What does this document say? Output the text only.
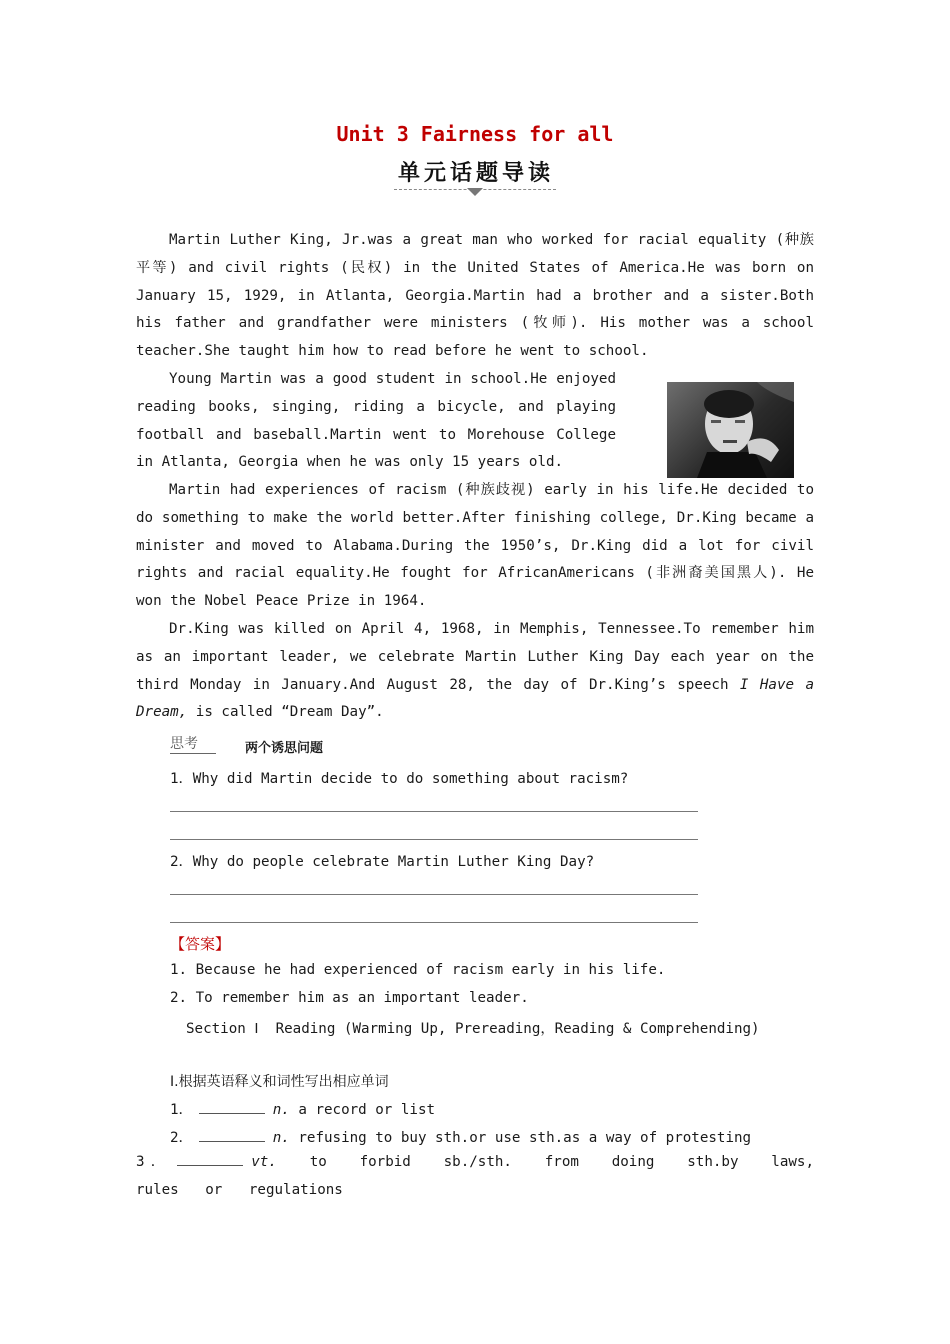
Unit 3 Fairness for all
单元话题导读

Martin Luther King, Jr.was a great man who worked for racial equality (种族平等) and civil rights (民权) in the United States of America.He was born on January 15, 1929, in Atlanta, Georgia.Martin had a brother and a sister.Both his father and grandfather were ministers (牧师). His mother was a school teacher.She taught him how to read before he went to school.

Young Martin was a good student in school.He enjoyed reading books, singing, riding a bicycle, and playing football and baseball.Martin went to Morehouse College in Atlanta, Georgia when he was only 15 years old.

Martin had experiences of racism (种族歧视) early in his life.He decided to do something to make the world better.After finishing college, Dr.King became a minister and moved to Alabama.During the 1950’s, Dr.King did a lot for civil rights and racial equality.He fought for AfricanAmericans (非洲裔美国黑人). He won the Nobel Peace Prize in 1964.

Dr.King was killed on April 4, 1968, in Memphis, Tennessee.To remember him as an important leader, we celebrate Martin Luther King Day each year on the third Monday in January.And August 28, the day of Dr.King’s speech I Have a Dream, is called “Dream Day”.

思考	两个诱思问题
1．Why did Martin decide to do something about racism?
2．Why do people celebrate Martin Luther King Day?
【答案】
1. Because he had experienced of racism early in his life.
2. To remember him as an important leader.
Section Ⅰ  Reading (Warming Up, Prereading，Reading & Comprehending)
Ⅰ.根据英语释义和词性写出相应单词
1．	n. a record or list
2．	n. refusing to buy sth.or use sth.as a way of protesting

3．	vt. to forbid sb./sth. from doing sth.by laws, rules or regulations
